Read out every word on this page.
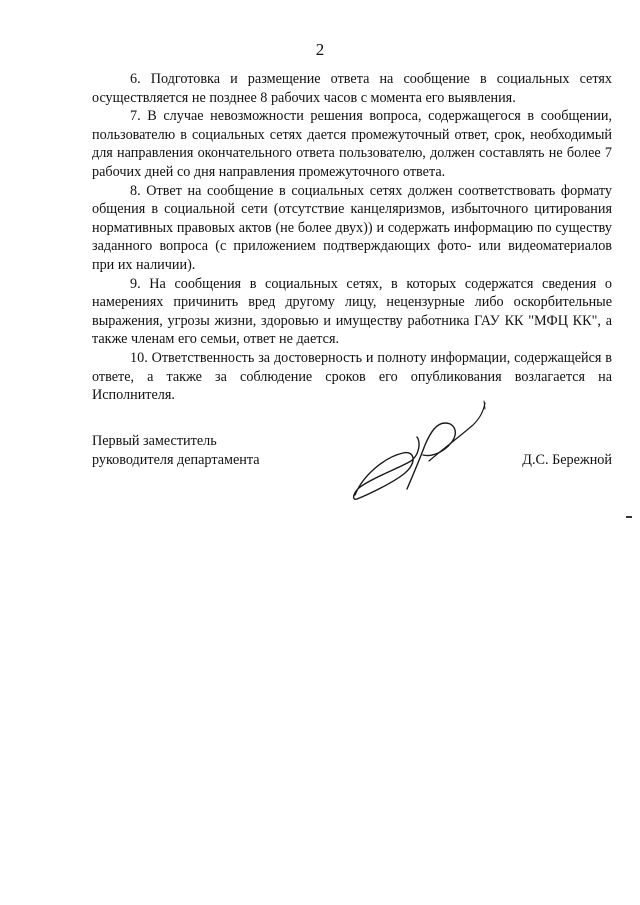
2

6. Подготовка и размещение ответа на сообщение в социальных сетях осуществляется не позднее 8 рабочих часов с момента его выявления.

7. В случае невозможности решения вопроса, содержащегося в сообщении, пользователю в социальных сетях дается промежуточный ответ, срок, необходимый для направления окончательного ответа пользователю, должен составлять не более 7 рабочих дней со дня направления промежуточного ответа.

8. Ответ на сообщение в социальных сетях должен соответствовать формату общения в социальной сети (отсутствие канцеляризмов, избыточного цитирования нормативных правовых актов (не более двух)) и содержать информацию по существу заданного вопроса (с приложением подтверждающих фото- или видеоматериалов при их наличии).

9. На сообщения в социальных сетях, в которых содержатся сведения о намерениях причинить вред другому лицу, нецензурные либо оскорбительные выражения, угрозы жизни, здоровью и имуществу работника ГАУ КК "МФЦ КК", а также членам его семьи, ответ не дается.

10. Ответственность за достоверность и полноту информации, содержащейся в ответе, а также за соблюдение сроков его опубликования возлагается на Исполнителя.

Первый заместитель
руководителя департамента	Д.С. Бережной
